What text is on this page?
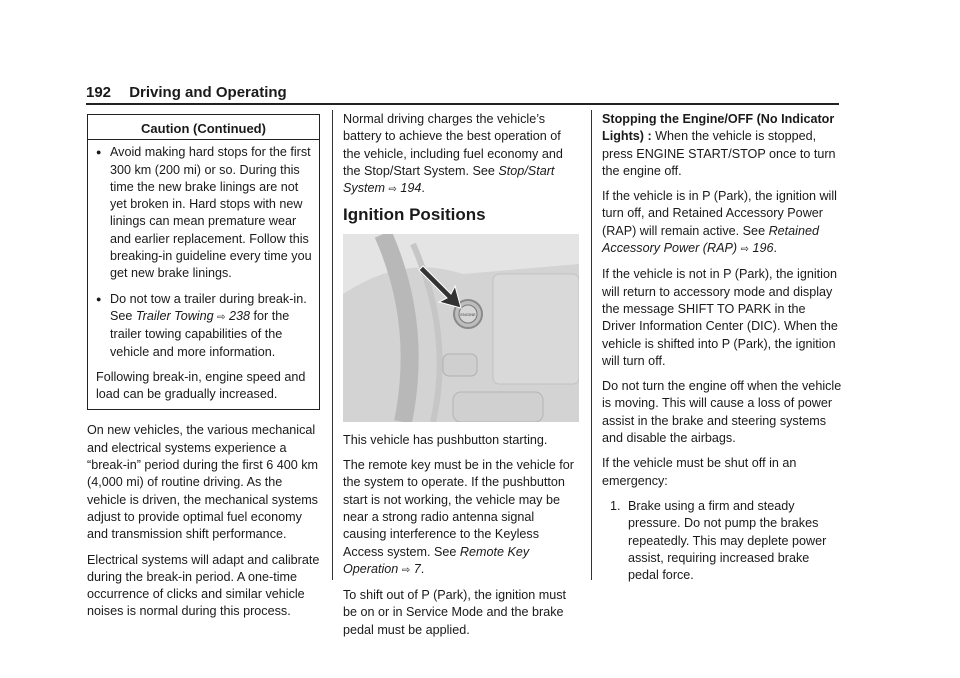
192 Driving and Operating
Caution (Continued)
● Avoid making hard stops for the first 300 km (200 mi) or so. During this time the new brake linings are not yet broken in. Hard stops with new linings can mean premature wear and earlier replacement. Follow this breaking-in guideline every time you get new brake linings.
● Do not tow a trailer during break-in. See Trailer Towing ⇨ 238 for the trailer towing capabilities of the vehicle and more information.
Following break-in, engine speed and load can be gradually increased.

On new vehicles, the various mechanical and electrical systems experience a “break-in” period during the first 6 400 km (4,000 mi) of routine driving. As the vehicle is driven, the mechanical systems adjust to provide optimal fuel economy and transmission shift performance.

Electrical systems will adapt and calibrate during the break-in period. A one-time occurrence of clicks and similar vehicle noises is normal during this process.

Normal driving charges the vehicle’s battery to achieve the best operation of the vehicle, including fuel economy and the Stop/Start System. See Stop/Start System ⇨ 194.

Ignition Positions
ENGINE

This vehicle has pushbutton starting.

The remote key must be in the vehicle for the system to operate. If the pushbutton start is not working, the vehicle may be near a strong radio antenna signal causing interference to the Keyless Access system. See Remote Key Operation ⇨ 7.

To shift out of P (Park), the ignition must be on or in Service Mode and the brake pedal must be applied.

Stopping the Engine/OFF (No Indicator Lights) : When the vehicle is stopped, press ENGINE START/STOP once to turn the engine off.

If the vehicle is in P (Park), the ignition will turn off, and Retained Accessory Power (RAP) will remain active. See Retained Accessory Power (RAP) ⇨ 196.

If the vehicle is not in P (Park), the ignition will return to accessory mode and display the message SHIFT TO PARK in the Driver Information Center (DIC). When the vehicle is shifted into P (Park), the ignition will turn off.

Do not turn the engine off when the vehicle is moving. This will cause a loss of power assist in the brake and steering systems and disable the airbags.

If the vehicle must be shut off in an emergency:

1. Brake using a firm and steady pressure. Do not pump the brakes repeatedly. This may deplete power assist, requiring increased brake pedal force.
